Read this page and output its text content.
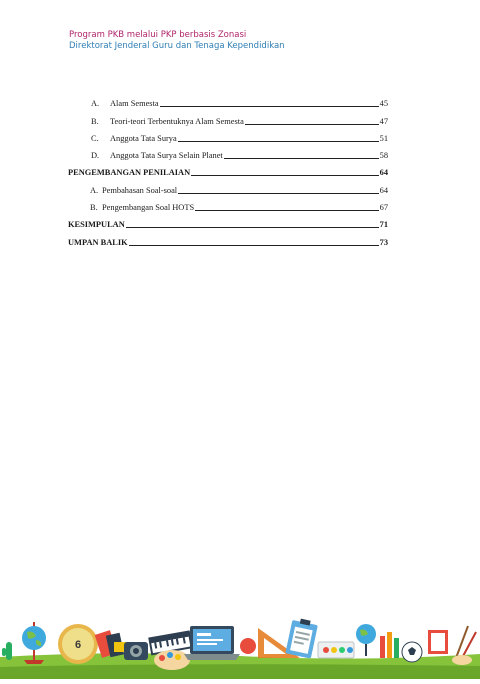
Program PKB melalui PKP berbasis Zonasi
Direktorat Jenderal Guru dan Tenaga Kependidikan
A.	Alam Semesta	45
B.	Teori-teori Terbentuknya Alam Semesta	47
C.	Anggota Tata Surya	51
D.	Anggota Tata Surya Selain Planet	58
PENGEMBANGAN PENILAIAN	64
A. Pembahasan Soal-soal	64
B. Pengembangan Soal HOTS	67
KESIMPULAN	71
UMPAN BALIK	73
6
